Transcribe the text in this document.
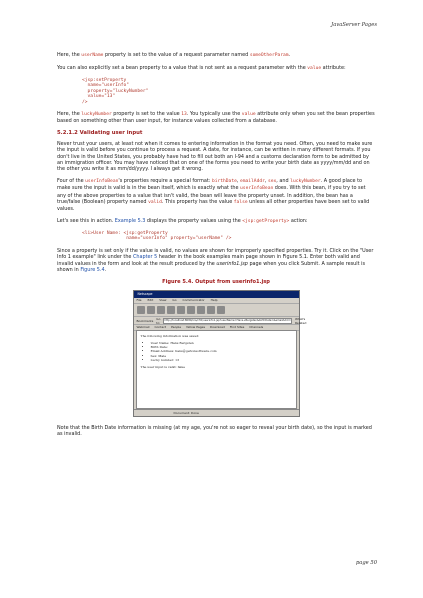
JavaServer Pages

Here, the userName property is set to the value of a request parameter named someOtherParam.

You can also explicitly set a bean property to a value that is not sent as a request parameter with the value attribute:

<jsp:setProperty
name="userInfo"
property="luckyNumber"
value="13"
/>

Here, the luckyNumber property is set to the value 13. You typically use the value attribute only when you set the bean properties based on something other than user input, for instance values collected from a database.

5.2.1.2 Validating user input

Never trust your users, at least not when it comes to entering information in the format you need. Often, you need to make sure the input is valid before you continue to process a request. A date, for instance, can be written in many different formats. If you don't live in the United States, you probably have had to fill out both an I-94 and a customs declaration form to be admitted by an immigration officer. You may have noticed that on one of the forms you need to write your birth date as yyyy/mm/dd and on the other you write it as mm/dd/yyyy. I always get it wrong.

Four of the userInfoBean's properties require a special format: birthDate, emailAddr, sex, and luckyNumber. A good place to make sure the input is valid is in the bean itself, which is exactly what the userInfoBean does. With this bean, if you try to set any of the above properties to a value that isn't valid, the bean will leave the property unset. In addition, the bean has a true/false (Boolean) property named valid. This property has the value false unless all other properties have been set to valid values.

Let's see this in action. Example 5.3 displays the property values using the <jsp:getProperty> action:

<li>User Name: <jsp:getProperty
name="userInfo" property="userName" />

Since a property is set only if the value is valid, no values are shown for improperly specified properties. Try it. Click on the "User Info 1 example" link under the Chapter 5 header in the book examples main page shown in Figure 5.1. Enter both valid and invalid values in the form and look at the result produced by the userinfo1.jsp page when you click Submit. A sample result is shown in Figure 5.4.

Figure 5.4. Output from userinfo1.jsp
Netscape
File Edit View Go Communicator Help
Bookmarks Go to:
http://localhost:8080/ora/ch5/userinfo1.jsp?userName=Hans+Bergsten&birthDate=&emailAddr=	What's Related
Webmail Contact People Yellow Pages Download Find Sites Channels
The following information was saved:
• User Name: Hans Bergsten
• Birth Date:
• Email Address: hans@gefionsoftware.com
• Sex: Male
• Lucky number: 13
The user input is valid: false
Document: Done

Note that the Birth Date information is missing (at my age, you're not so eager to reveal your birth date), so the input is marked as invalid.

page 50
